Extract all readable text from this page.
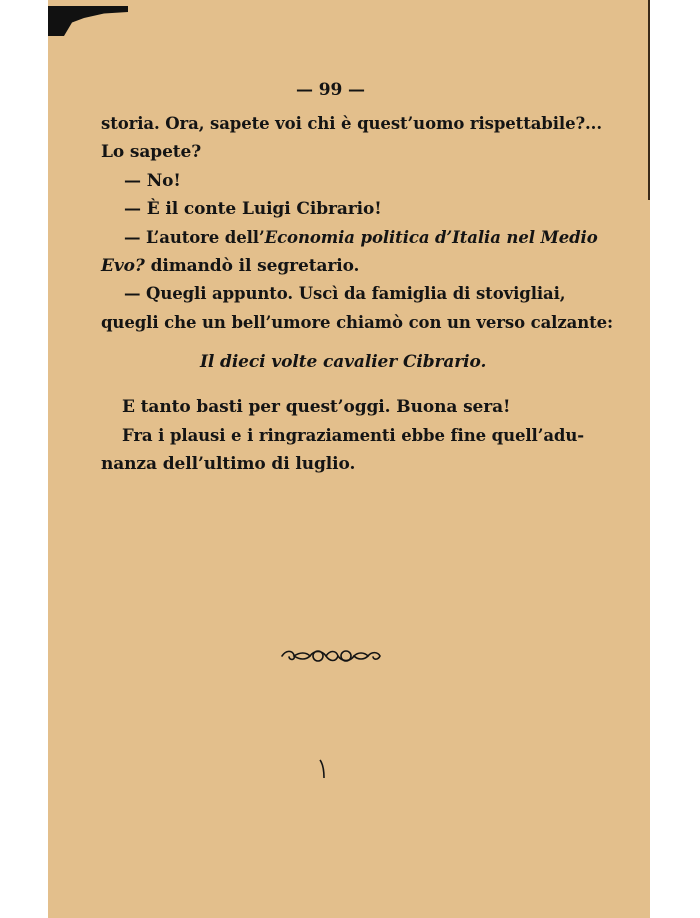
— 99 —
storia. Ora, sapete voi chi è quest’uomo rispettabile?...
Lo sapete?
— No!
— È il conte Luigi Cibrario!
— L’autore dell’Economia politica d’Italia nel Medio
Evo? dimandò il segretario.
— Quegli appunto. Uscì da famiglia di stovigliai,
quegli che un bell’umore chiamò con un verso calzante:
Il dieci volte cavalier Cibrario.
E tanto basti per quest’oggi. Buona sera!
Fra i plausi e i ringraziamenti ebbe fine quell’adu-
nanza dell’ultimo di luglio.
